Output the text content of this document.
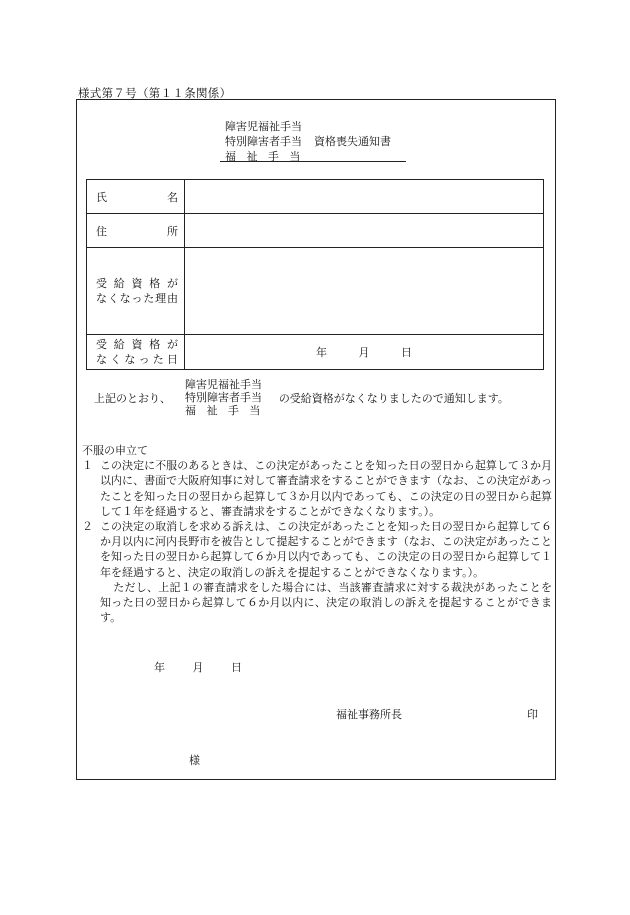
様式第７号（第１１条関係）
障害児福祉手当
特別障害者手当 資格喪失通知書
福祉手当
氏 名	

住 所	

受給資格が
なくなった理由	

受給資格が
なくなった日	年 月 日
上記のとおり、
障害児福祉手当
特別障害者手当
福祉手当
の受給資格がなくなりましたので通知します。
不服の申立て
１ この決定に不服のあるときは、この決定があったことを知った日の翌日から起算して３か月以内に、書面で大阪府知事に対して審査請求をすることができます（なお、この決定があったことを知った日の翌日から起算して３か月以内であっても、この決定の日の翌日から起算して１年を経過すると、審査請求をすることができなくなります。）。
２ この決定の取消しを求める訴えは、この決定があったことを知った日の翌日から起算して６か月以内に河内長野市を被告として提起することができます（なお、この決定があったことを知った日の翌日から起算して６か月以内であっても、この決定の日の翌日から起算して１年を経過すると、決定の取消しの訴えを提起することができなくなります。）。
ただし、上記１の審査請求をした場合には、当該審査請求に対する裁決があったことを知った日の翌日から起算して６か月以内に、決定の取消しの訴えを提起することができます。
年	月	日
福祉事務所長	印
様
